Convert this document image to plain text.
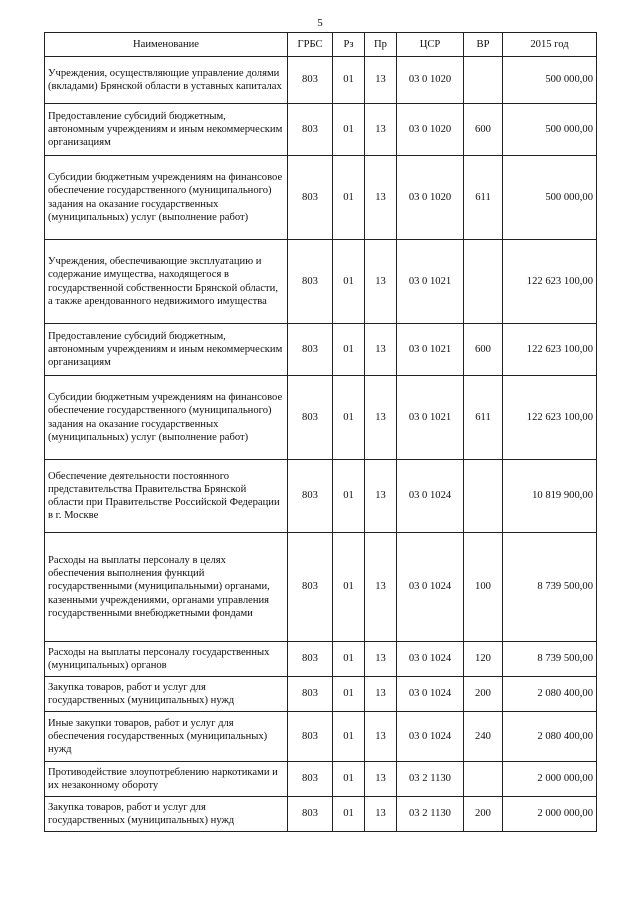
5
Наименование	ГРБС	Рз	Пр	ЦСР	ВР	2015 год
Учреждения, осуществляющие управление долями (вкладами) Брянской области в уставных капиталах	803	01	13	03 0 1020		500 000,00
Предоставление субсидий бюджетным, автономным учреждениям и иным некоммерческим организациям	803	01	13	03 0 1020	600	500 000,00
Субсидии бюджетным учреждениям на финансовое обеспечение государственного (муниципального) задания на оказание государственных (муниципальных) услуг (выполнение работ)	803	01	13	03 0 1020	611	500 000,00
Учреждения, обеспечивающие эксплуатацию и содержание имущества, находящегося в государственной собственности Брянской области, а также арендованного недвижимого имущества	803	01	13	03 0 1021		122 623 100,00
Предоставление субсидий бюджетным, автономным учреждениям и иным некоммерческим организациям	803	01	13	03 0 1021	600	122 623 100,00
Субсидии бюджетным учреждениям на финансовое обеспечение государственного (муниципального) задания на оказание государственных (муниципальных) услуг (выполнение работ)	803	01	13	03 0 1021	611	122 623 100,00
Обеспечение деятельности постоянного представительства Правительства Брянской области при Правительстве Российской Федерации в г. Москве	803	01	13	03 0 1024		10 819 900,00
Расходы на выплаты персоналу в целях обеспечения выполнения функций государственными (муниципальными) органами, казенными учреждениями, органами управления государственными внебюджетными фондами	803	01	13	03 0 1024	100	8 739 500,00
Расходы на выплаты персоналу государственных (муниципальных) органов	803	01	13	03 0 1024	120	8 739 500,00
Закупка товаров, работ и услуг для государственных (муниципальных) нужд	803	01	13	03 0 1024	200	2 080 400,00
Иные закупки товаров, работ и услуг для обеспечения государственных (муниципальных) нужд	803	01	13	03 0 1024	240	2 080 400,00
Противодействие злоупотреблению наркотиками и их незаконному обороту	803	01	13	03 2 1130		2 000 000,00
Закупка товаров, работ и услуг для государственных (муниципальных) нужд	803	01	13	03 2 1130	200	2 000 000,00
